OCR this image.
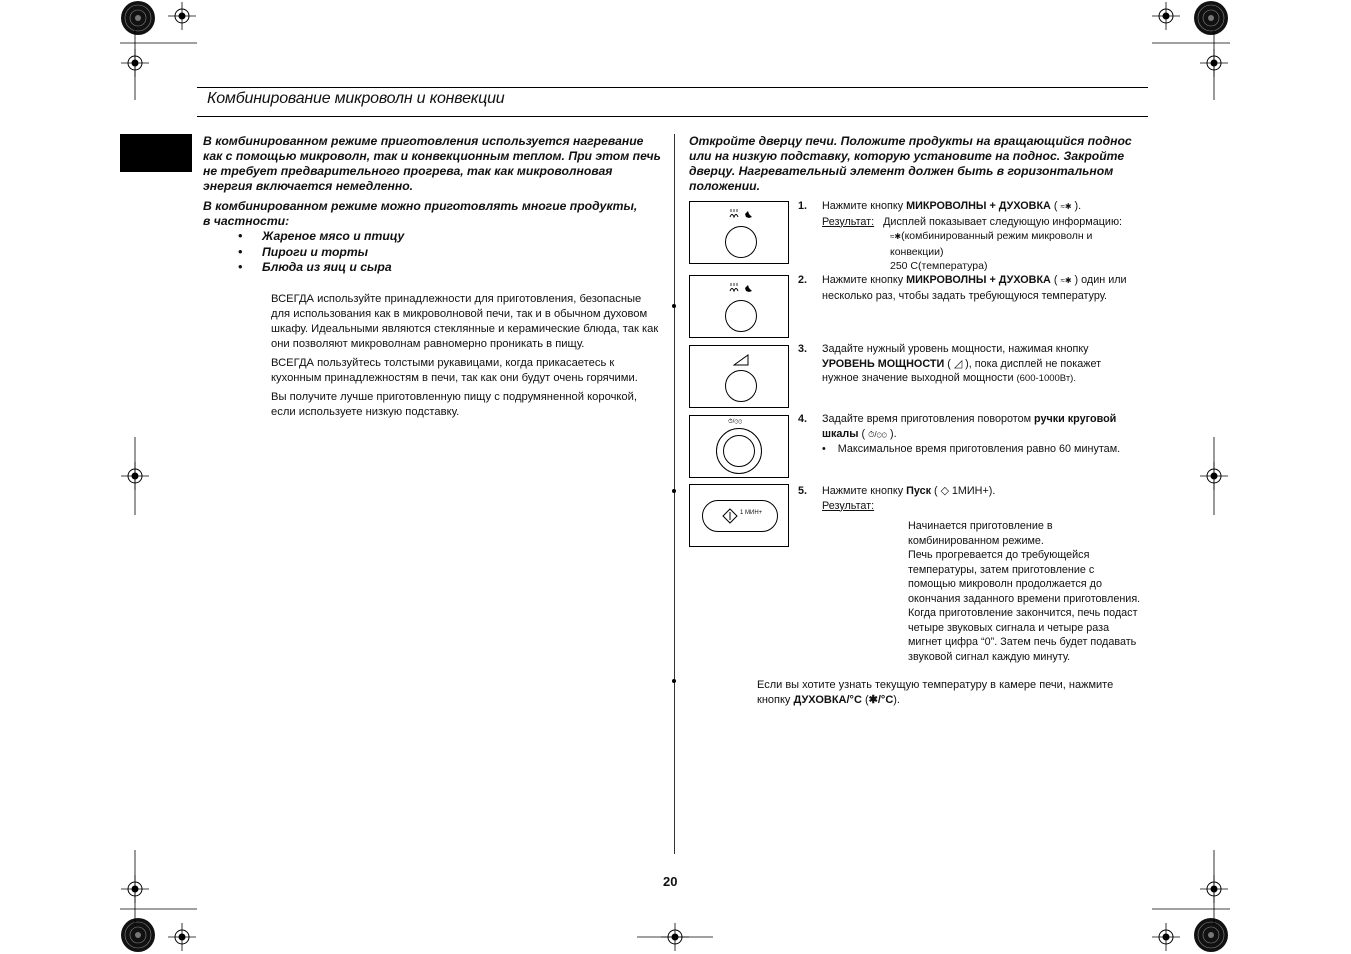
Комбинирование микроволн и конвекции
В комбинированном режиме приготовления используется нагревание как с помощью микроволн, так и конвекционным теплом. При этом печь не требует предварительного прогрева, так как микроволновая энергия включается немедленно.
В комбинированном режиме можно приготовлять многие продукты, в частности:
• Жареное мясо и птицу
• Пироги и торты
• Блюда из яиц и сыра

ВСЕГДА используйте принадлежности для приготовления, безопасные для использования как в микроволновой печи, так и в обычном духовом шкафу. Идеальными являются стеклянные и керамические блюда, так как они позволяют микроволнам равномерно проникать в пищу.

ВСЕГДА пользуйтесь толстыми рукавицами, когда прикасаетесь к кухонным принадлежностям в печи, так как они будут очень горячими.

Вы получите лучше приготовленную пищу с подрумяненной корочкой, если используете низкую подставку.

Откройте дверцу печи. Положите продукты на вращающийся поднос или на низкую подставку, которую установите на поднос. Закройте дверцу. Нагревательный элемент должен быть в горизонтальном положении.
⏱/⊙⊙
1 МИН+
1. Нажмите кнопку МИКРОВОЛНЫ + ДУХОВКА ( ≈✱ ).
Результат: Дисплей показывает следующую информацию:
≈✱(комбинированный режим микроволн и конвекции)
250 C(температура)
2. Нажмите кнопку МИКРОВОЛНЫ + ДУХОВКА ( ≈✱ ) один или несколько раз, чтобы задать требующуюся температуру.
3. Задайте нужный уровень мощности, нажимая кнопку УРОВЕНЬ МОЩНОСТИ ( ◿ ), пока дисплей не покажет нужное значение выходной мощности (600-1000Вт).
4. Задайте время приготовления поворотом ручки круговой шкалы ( ⏱/⊙⊙ ).
• Максимальное время приготовления равно 60 минутам.
5. Нажмите кнопку Пуск ( ◇ 1МИН+).
Результат:
Начинается приготовление в комбинированном режиме.
Печь прогревается до требующейся температуры, затем приготовление с помощью микроволн продолжается до окончания заданного времени приготовления.
Когда приготовление закончится, печь подаст четыре звуковых сигнала и четыре раза мигнет цифра “0”. Затем печь будет подавать звуковой сигнал каждую минуту.
Если вы хотите узнать текущую температуру в камере печи, нажмите кнопку ДУХОВКА/°C (✱/°C).
20
